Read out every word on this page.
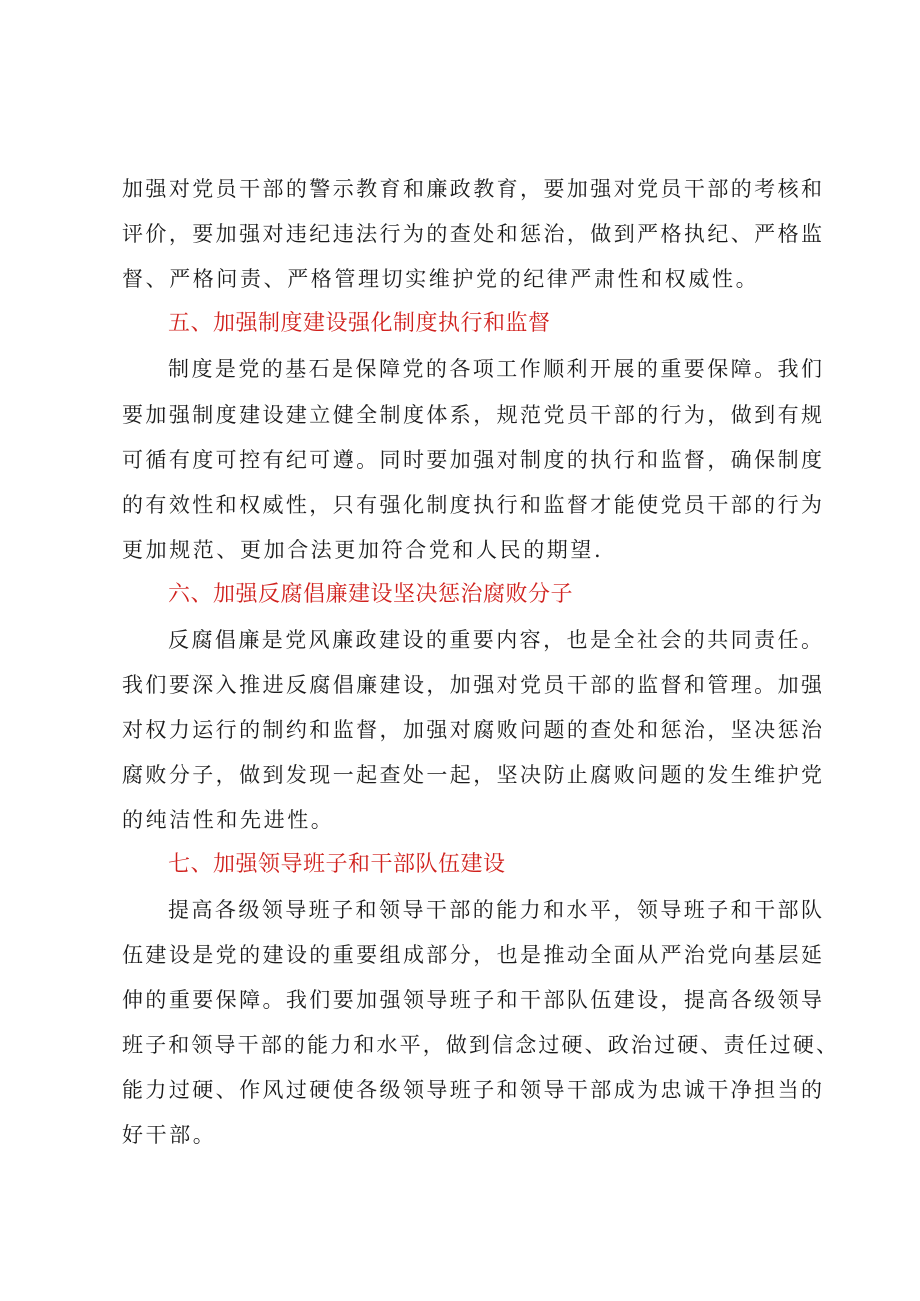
加强对党员干部的警示教育和廉政教育，要加强对党员干部的考核和
评价，要加强对违纪违法行为的查处和惩治，做到严格执纪、严格监
督、严格问责、严格管理切实维护党的纪律严肃性和权威性。
五、加强制度建设强化制度执行和监督
制度是党的基石是保障党的各项工作顺利开展的重要保障。我们
要加强制度建设建立健全制度体系，规范党员干部的行为，做到有规
可循有度可控有纪可遵。同时要加强对制度的执行和监督，确保制度
的有效性和权威性，只有强化制度执行和监督才能使党员干部的行为
更加规范、更加合法更加符合党和人民的期望.
六、加强反腐倡廉建设坚决惩治腐败分子
反腐倡廉是党风廉政建设的重要内容，也是全社会的共同责任。
我们要深入推进反腐倡廉建设，加强对党员干部的监督和管理。加强
对权力运行的制约和监督，加强对腐败问题的查处和惩治，坚决惩治
腐败分子，做到发现一起查处一起，坚决防止腐败问题的发生维护党
的纯洁性和先进性。
七、加强领导班子和干部队伍建设
提高各级领导班子和领导干部的能力和水平，领导班子和干部队
伍建设是党的建设的重要组成部分，也是推动全面从严治党向基层延
伸的重要保障。我们要加强领导班子和干部队伍建设，提高各级领导
班子和领导干部的能力和水平，做到信念过硬、政治过硬、责任过硬、
能力过硬、作风过硬使各级领导班子和领导干部成为忠诚干净担当的
好干部。
